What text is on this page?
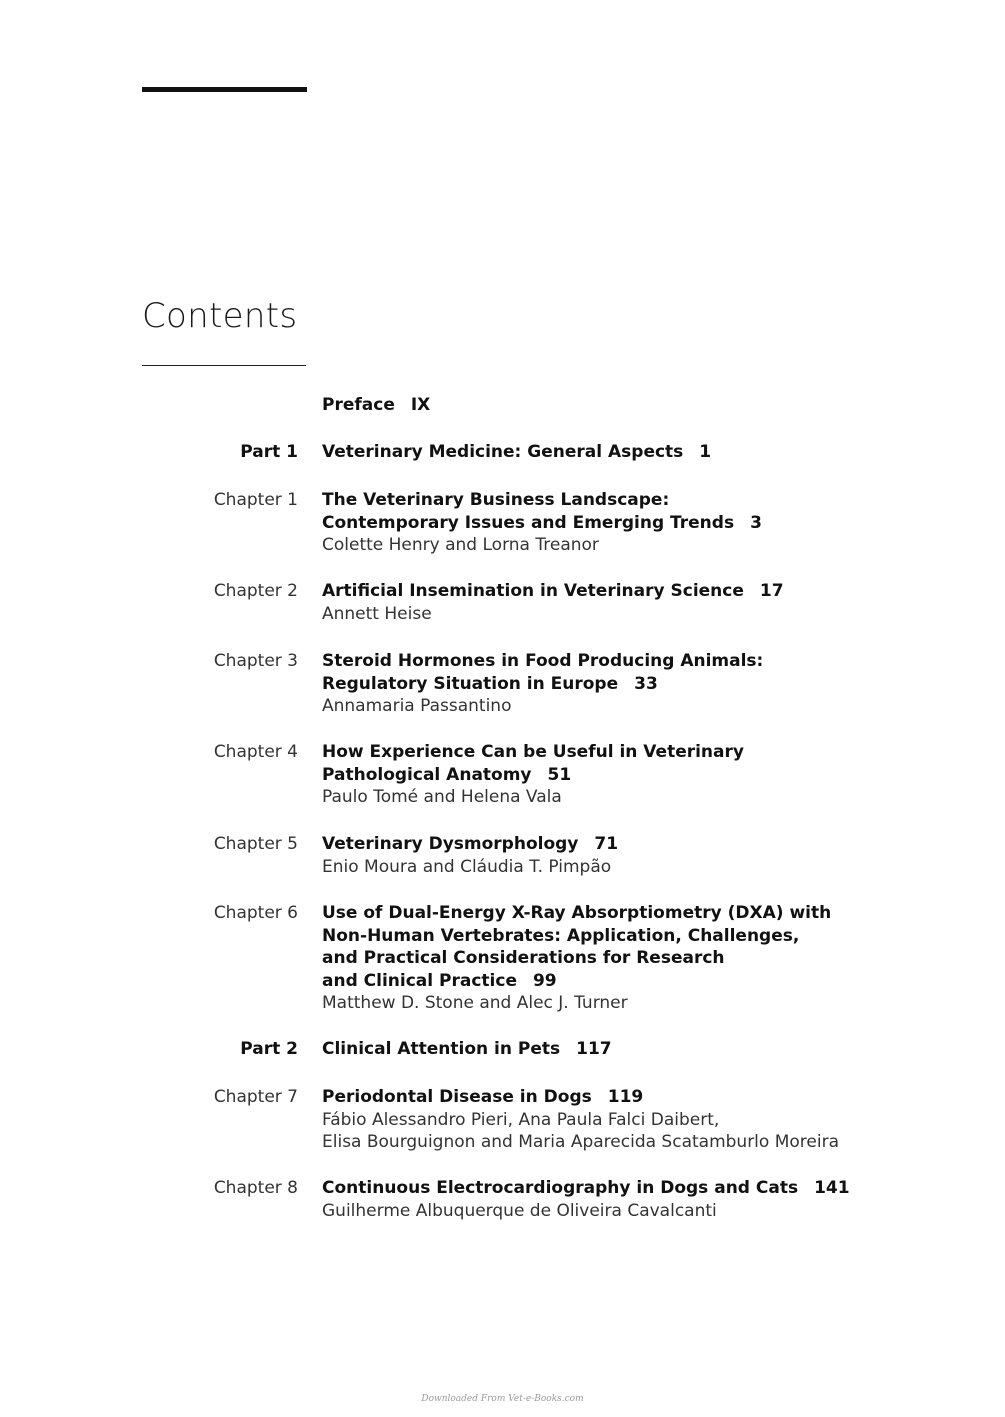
Contents
Preface IX
Part 1 Veterinary Medicine: General Aspects 1
Chapter 1 The Veterinary Business Landscape:
Contemporary Issues and Emerging Trends 3
Colette Henry and Lorna Treanor
Chapter 2 Artificial Insemination in Veterinary Science 17
Annett Heise
Chapter 3 Steroid Hormones in Food Producing Animals:
Regulatory Situation in Europe 33
Annamaria Passantino
Chapter 4 How Experience Can be Useful in Veterinary
Pathological Anatomy 51
Paulo Tomé and Helena Vala
Chapter 5 Veterinary Dysmorphology 71
Enio Moura and Cláudia T. Pimpão
Chapter 6 Use of Dual-Energy X-Ray Absorptiometry (DXA) with
Non-Human Vertebrates: Application, Challenges,
and Practical Considerations for Research
and Clinical Practice 99
Matthew D. Stone and Alec J. Turner
Part 2 Clinical Attention in Pets 117
Chapter 7 Periodontal Disease in Dogs 119
Fábio Alessandro Pieri, Ana Paula Falci Daibert,
Elisa Bourguignon and Maria Aparecida Scatamburlo Moreira
Chapter 8 Continuous Electrocardiography in Dogs and Cats 141
Guilherme Albuquerque de Oliveira Cavalcanti
Downloaded From Vet-e-Books.com
